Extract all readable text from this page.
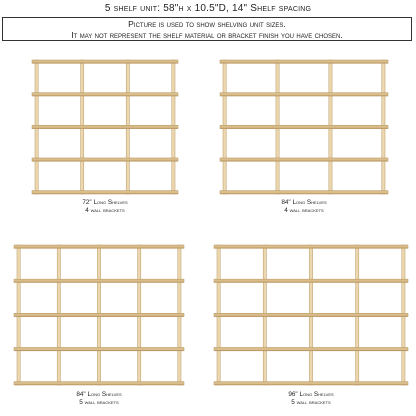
5 shelf unit: 58"h x 10.5"D, 14" Shelf spacing
Picture is used to show shelving unit sizes.
It may not represent the shelf material or bracket finish you have chosen.
72" Long Shelves
4 wall brackets
84" Long Shelves
4 wall brackets
84" Long Shelves
5 wall brackets
96" Long Shelves
5 wall brackets
